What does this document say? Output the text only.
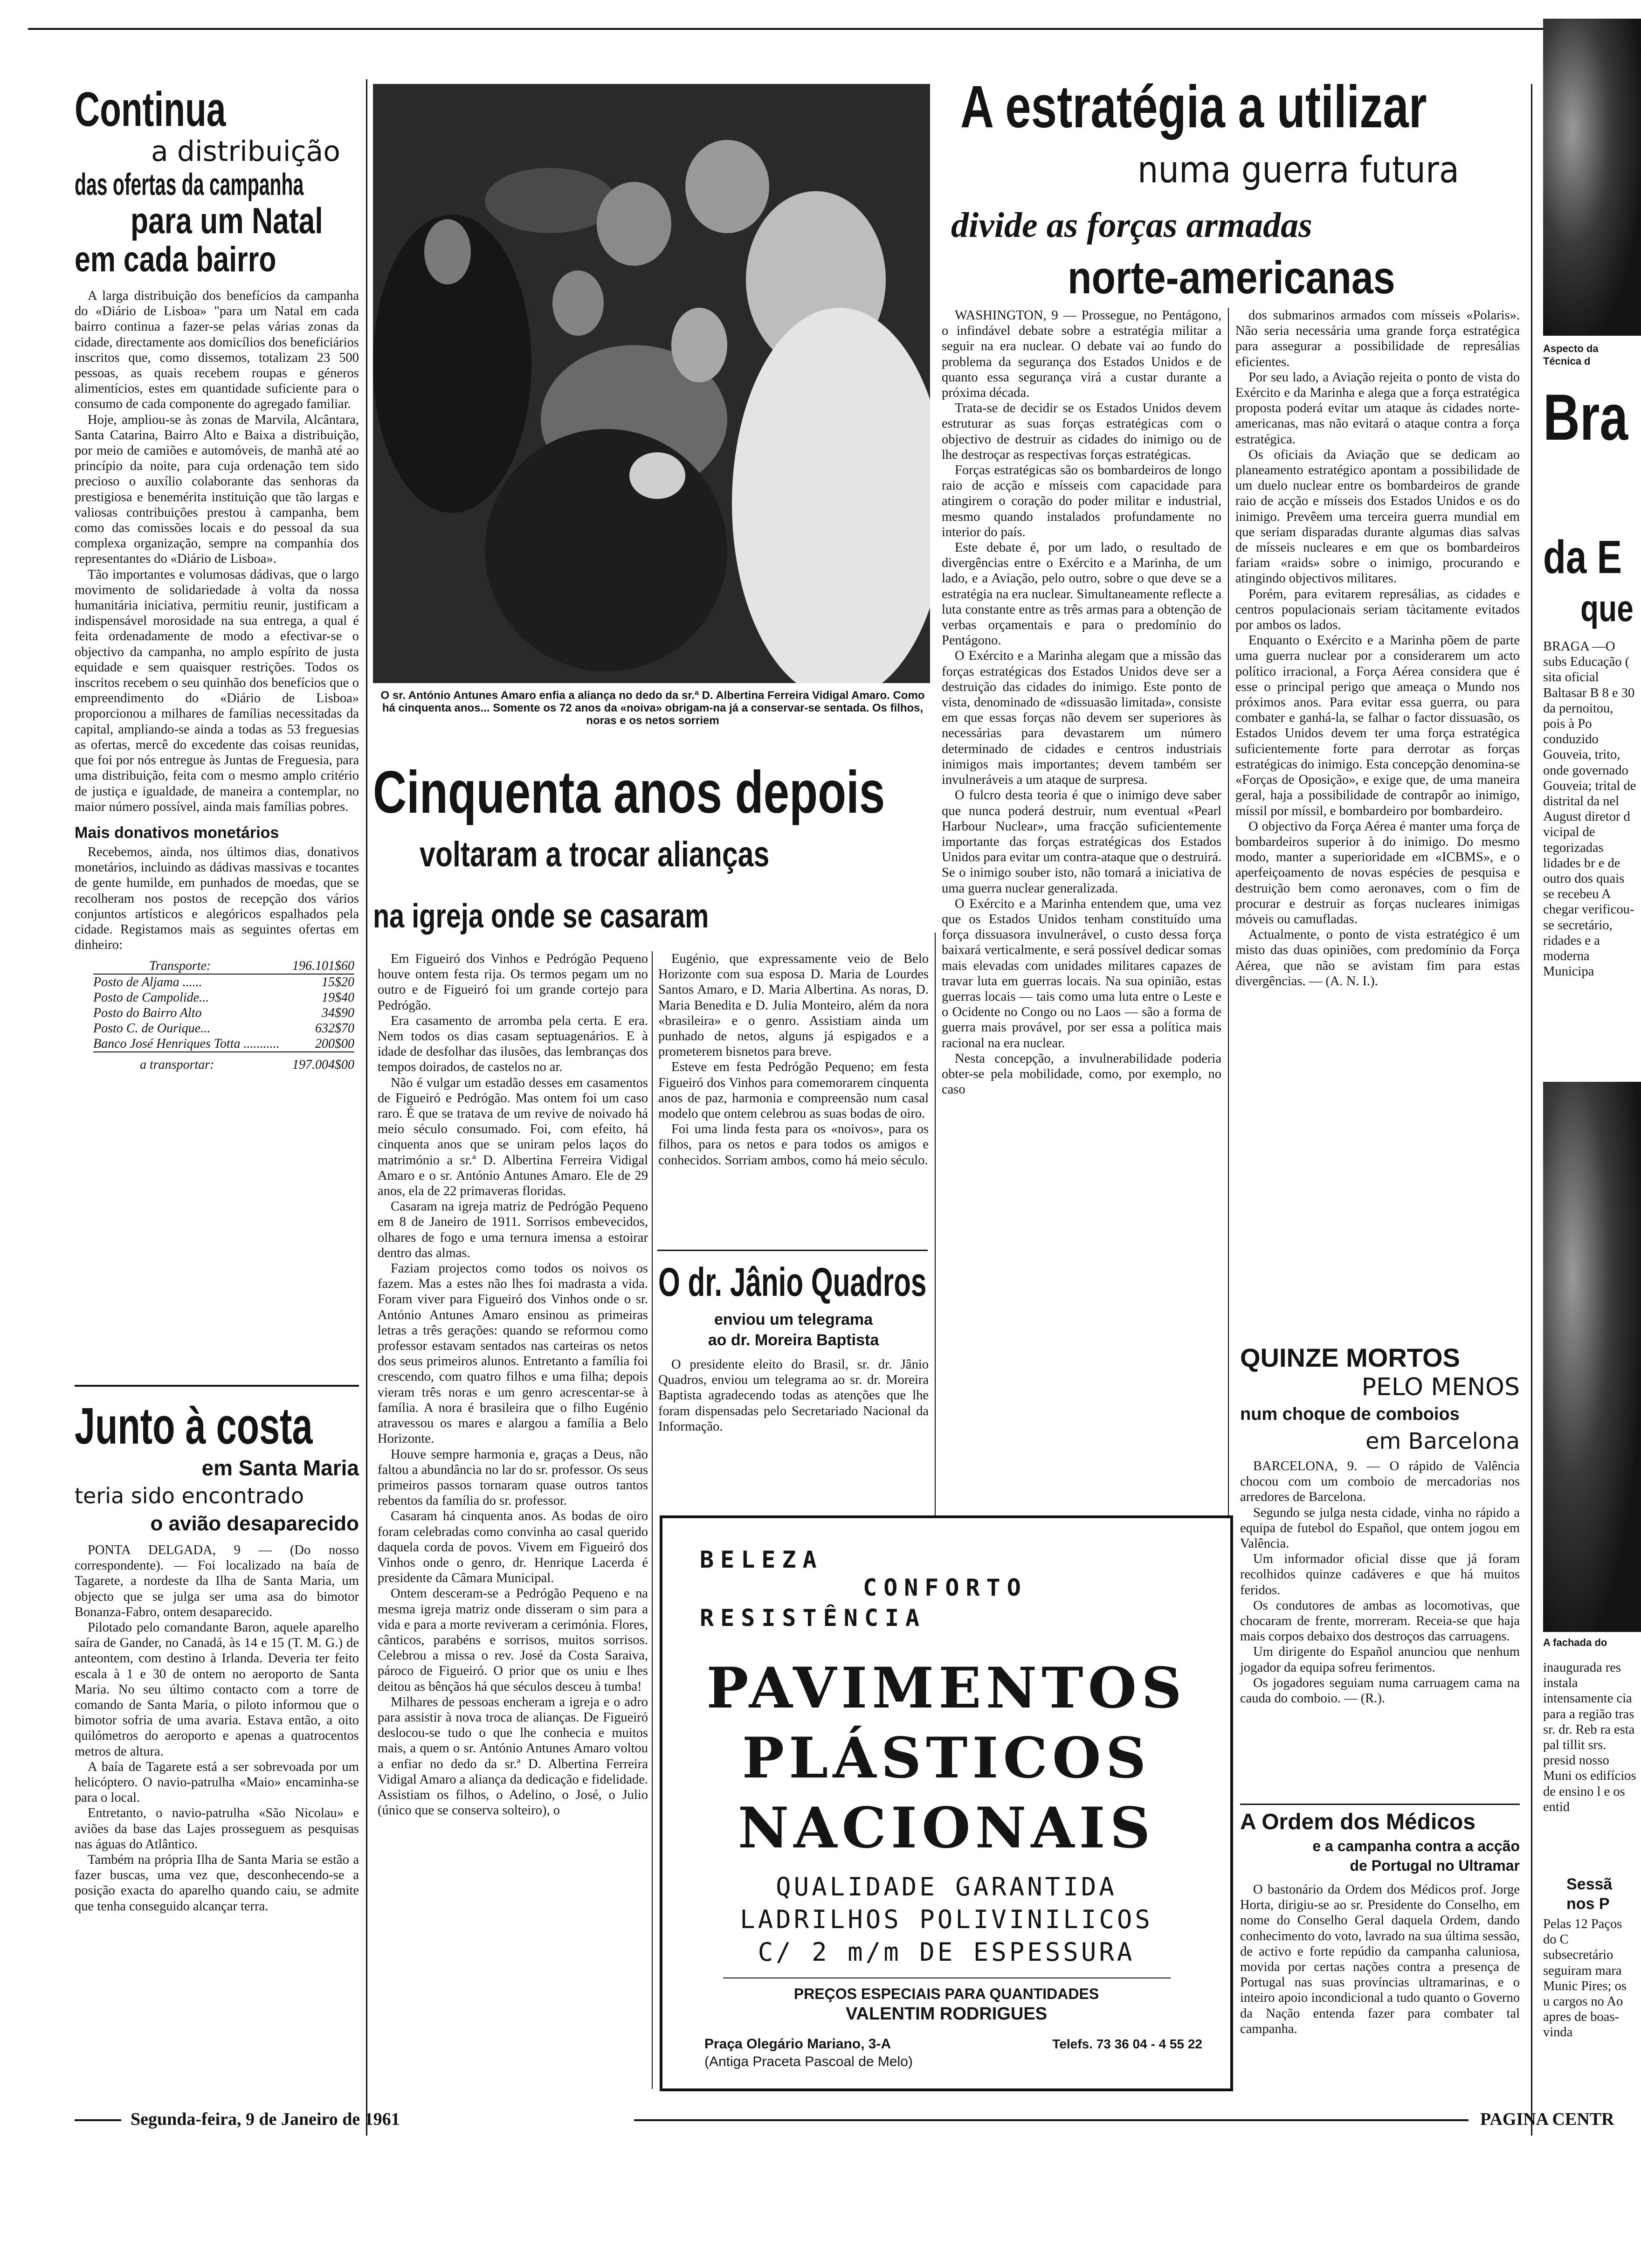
Continua
a distribuição
das ofertas da campanha
para um Natal
em cada bairro

A larga distribuição dos benefícios da campanha do «Diário de Lisboa» "para um Natal em cada bairro continua a fazer-se pelas várias zonas da cidade, directamente aos domicílios dos beneficiários inscritos que, como dissemos, totalizam 23 500 pessoas, as quais recebem roupas e géneros alimentícios, estes em quantidade suficiente para o consumo de cada componente do agregado familiar.

Hoje, ampliou-se às zonas de Marvila, Alcântara, Santa Catarina, Bairro Alto e Baixa a distribuição, por meio de camiões e automóveis, de manhã até ao princípio da noite, para cuja ordenação tem sido precioso o auxílio colaborante das senhoras da prestigiosa e benemérita instituição que tão largas e valiosas contribuições prestou à campanha, bem como das comissões locais e do pessoal da sua complexa organização, sempre na companhia dos representantes do «Diário de Lisboa».

Tão importantes e volumosas dádivas, que o largo movimento de solidariedade à volta da nossa humanitária iniciativa, permitiu reunir, justificam a indispensável morosidade na sua entrega, a qual é feita ordenadamente de modo a efectivar-se o objectivo da campanha, no amplo espírito de justa equidade e sem quaisquer restrições. Todos os inscritos recebem o seu quinhão dos benefícios que o empreendimento do «Diário de Lisboa» proporcionou a milhares de famílias necessitadas da capital, ampliando-se ainda a todas as 53 freguesias as ofertas, mercê do excedente das coisas reunidas, que foi por nós entregue às Juntas de Freguesia, para uma distribuição, feita com o mesmo amplo critério de justiça e igualdade, de maneira a contemplar, no maior número possível, ainda mais famílias pobres.

Mais donativos monetários

Recebemos, ainda, nos últimos dias, donativos monetários, incluindo as dádivas massivas e tocantes de gente humilde, em punhados de moedas, que se recolheram nos postos de recepção dos vários conjuntos artísticos e alegóricos espalhados pela cidade. Registamos mais as seguintes ofertas em dinheiro:

Transporte:	196.101$60
Posto de Aljama ......	15$20
Posto de Campolide...	19$40
Posto do Bairro Alto	34$90
Posto C. de Ourique...	632$70
Banco José Henriques Totta ...........	200$00
a transportar:	197.004$00
Junto à costa
em Santa Maria
teria sido encontrado
o avião desaparecido

PONTA DELGADA, 9 — (Do nosso correspondente). — Foi localizado na baía de Tagarete, a nordeste da Ilha de Santa Maria, um objecto que se julga ser uma asa do bimotor Bonanza-Fabro, ontem desaparecido.

Pilotado pelo comandante Baron, aquele aparelho saíra de Gander, no Canadá, às 14 e 15 (T. M. G.) de anteontem, com destino à Irlanda. Deveria ter feito escala à 1 e 30 de ontem no aeroporto de Santa Maria. No seu último contacto com a torre de comando de Santa Maria, o piloto informou que o bimotor sofria de uma avaria. Estava então, a oito quilómetros do aeroporto e apenas a quatrocentos metros de altura.

A baía de Tagarete está a ser sobrevoada por um helicóptero. O navio-patrulha «Maio» encaminha-se para o local.

Entretanto, o navio-patrulha «São Nicolau» e aviões da base das Lajes prosseguem as pesquisas nas águas do Atlântico.

Também na própria Ilha de Santa Maria se estão a fazer buscas, uma vez que, desconhecendo-se a posição exacta do aparelho quando caiu, se admite que tenha conseguido alcançar terra.

O sr. António Antunes Amaro enfia a aliança no dedo da sr.ª D. Albertina Ferreira Vidigal Amaro. Como há cinquenta anos... Somente os 72 anos da «noiva» obrigam-na já a conservar-se sentada. Os filhos, noras e os netos sorriem
Cinquenta anos depois
voltaram a trocar alianças
na igreja onde se casaram

Em Figueiró dos Vinhos e Pedrógão Pequeno houve ontem festa rija. Os termos pegam um no outro e de Figueiró foi um grande cortejo para Pedrógão.

Era casamento de arromba pela certa. E era. Nem todos os dias casam septuagenários. E à idade de desfolhar das ilusões, das lembranças dos tempos doirados, de castelos no ar.

Não é vulgar um estadão desses em casamentos de Figueiró e Pedrógão. Mas ontem foi um caso raro. É que se tratava de um revive de noivado há meio século consumado. Foi, com efeito, há cinquenta anos que se uniram pelos laços do matrimónio a sr.ª D. Albertina Ferreira Vidigal Amaro e o sr. António Antunes Amaro. Ele de 29 anos, ela de 22 primaveras floridas.

Casaram na igreja matriz de Pedrógão Pequeno em 8 de Janeiro de 1911. Sorrisos embevecidos, olhares de fogo e uma ternura imensa a estoirar dentro das almas.

Faziam projectos como todos os noivos os fazem. Mas a estes não lhes foi madrasta a vida. Foram viver para Figueiró dos Vinhos onde o sr. António Antunes Amaro ensinou as primeiras letras a três gerações: quando se reformou como professor estavam sentados nas carteiras os netos dos seus primeiros alunos. Entretanto a família foi crescendo, com quatro filhos e uma filha; depois vieram três noras e um genro acrescentar-se à família. A nora é brasileira que o filho Eugénio atravessou os mares e alargou a família a Belo Horizonte.

Houve sempre harmonia e, graças a Deus, não faltou a abundância no lar do sr. professor. Os seus primeiros passos tornaram quase outros tantos rebentos da família do sr. professor.

Casaram há cinquenta anos. As bodas de oiro foram celebradas como convinha ao casal querido daquela corda de povos. Vivem em Figueiró dos Vinhos onde o genro, dr. Henrique Lacerda é presidente da Câmara Municipal.

Ontem desceram-se a Pedrógão Pequeno e na mesma igreja matriz onde disseram o sim para a vida e para a morte reviveram a cerimónia. Flores, cânticos, parabéns e sorrisos, muitos sorrisos. Celebrou a missa o rev. José da Costa Saraiva, pároco de Figueiró. O prior que os uniu e lhes deitou as bênçãos há que séculos desceu à tumba!

Milhares de pessoas encheram a igreja e o adro para assistir à nova troca de alianças. De Figueiró deslocou-se tudo o que lhe conhecia e muitos mais, a quem o sr. António Antunes Amaro voltou a enfiar no dedo da sr.ª D. Albertina Ferreira Vidigal Amaro a aliança da dedicação e fidelidade. Assistiam os filhos, o Adelino, o José, o Julio (único que se conserva solteiro), o

Eugénio, que expressamente veio de Belo Horizonte com sua esposa D. Maria de Lourdes Santos Amaro, e D. Maria Albertina. As noras, D. Maria Benedita e D. Julia Monteiro, além da nora «brasileira» e o genro. Assistiam ainda um punhado de netos, alguns já espigados e a prometerem bisnetos para breve.

Esteve em festa Pedrógão Pequeno; em festa Figueiró dos Vinhos para comemorarem cinquenta anos de paz, harmonia e compreensão num casal modelo que ontem celebrou as suas bodas de oiro.

Foi uma linda festa para os «noivos», para os filhos, para os netos e para todos os amigos e conhecidos. Sorriam ambos, como há meio século.

O dr. Jânio Quadros
enviou um telegrama
ao dr. Moreira Baptista

O presidente eleito do Brasil, sr. dr. Jânio Quadros, enviou um telegrama ao sr. dr. Moreira Baptista agradecendo todas as atenções que lhe foram dispensadas pelo Secretariado Nacional da Informação.

A estratégia a utilizar
numa guerra futura
divide as forças armadas
norte-americanas

WASHINGTON, 9 — Prossegue, no Pentágono, o infindável debate sobre a estratégia militar a seguir na era nuclear. O debate vai ao fundo do problema da segurança dos Estados Unidos e de quanto essa segurança virá a custar durante a próxima década.

Trata-se de decidir se os Estados Unidos devem estruturar as suas forças estratégicas com o objectivo de destruir as cidades do inimigo ou de lhe destroçar as respectivas forças estratégicas.

Forças estratégicas são os bombardeiros de longo raio de acção e mísseis com capacidade para atingirem o coração do poder militar e industrial, mesmo quando instalados profundamente no interior do país.

Este debate é, por um lado, o resultado de divergências entre o Exército e a Marinha, de um lado, e a Aviação, pelo outro, sobre o que deve se a estratégia na era nuclear. Simultaneamente reflecte a luta constante entre as três armas para a obtenção de verbas orçamentais e para o predomínio do Pentágono.

O Exército e a Marinha alegam que a missão das forças estratégicas dos Estados Unidos deve ser a destruição das cidades do inimigo. Este ponto de vista, denominado de «dissuasão limitada», consiste em que essas forças não devem ser superiores às necessárias para devastarem um número determinado de cidades e centros industriais inimigos mais importantes; devem também ser invulneráveis a um ataque de surpresa.

O fulcro desta teoria é que o inimigo deve saber que nunca poderá destruir, num eventual «Pearl Harbour Nuclear», uma fracção suficientemente importante das forças estratégicas dos Estados Unidos para evitar um contra-ataque que o destruirá. Se o inimigo souber isto, não tomará a iniciativa de uma guerra nuclear generalizada.

O Exército e a Marinha entendem que, uma vez que os Estados Unidos tenham constituído uma força dissuasora invulnerável, o custo dessa força baixará verticalmente, e será possível dedicar somas mais elevadas com unidades militares capazes de travar luta em guerras locais. Na sua opinião, estas guerras locais — tais como uma luta entre o Leste e o Ocidente no Congo ou no Laos — são a forma de guerra mais provável, por ser essa a política mais racional na era nuclear.

Nesta concepção, a invulnerabilidade poderia obter-se pela mobilidade, como, por exemplo, no caso

dos submarinos armados com mísseis «Polaris». Não seria necessária uma grande força estratégica para assegurar a possibilidade de represálias eficientes.

Por seu lado, a Aviação rejeita o ponto de vista do Exército e da Marinha e alega que a força estratégica proposta poderá evitar um ataque às cidades norte-americanas, mas não evitará o ataque contra a força estratégica.

Os oficiais da Aviação que se dedicam ao planeamento estratégico apontam a possibilidade de um duelo nuclear entre os bombardeiros de grande raio de acção e mísseis dos Estados Unidos e os do inimigo. Prevêem uma terceira guerra mundial em que seriam disparadas durante algumas dias salvas de mísseis nucleares e em que os bombardeiros fariam «raids» sobre o inimigo, procurando e atingindo objectivos militares.

Porém, para evitarem represálias, as cidades e centros populacionais seriam tàcitamente evitados por ambos os lados.

Enquanto o Exército e a Marinha põem de parte uma guerra nuclear por a considerarem um acto político irracional, a Força Aérea considera que é esse o principal perigo que ameaça o Mundo nos próximos anos. Para evitar essa guerra, ou para combater e ganhá-la, se falhar o factor dissuasão, os Estados Unidos devem ter uma força estratégica suficientemente forte para derrotar as forças estratégicas do inimigo. Esta concepção denomina-se «Forças de Oposição», e exige que, de uma maneira geral, haja a possibilidade de contrapôr ao inimigo, míssil por míssil, e bombardeiro por bombardeiro.

O objectivo da Força Aérea é manter uma força de bombardeiros superior à do inimigo. Do mesmo modo, manter a superioridade em «ICBMS», e o aperfeiçoamento de novas espécies de pesquisa e destruição bem como aeronaves, com o fim de procurar e destruir as forças nucleares inimigas móveis ou camufladas.

Actualmente, o ponto de vista estratégico é um misto das duas opiniões, com predomínio da Força Aérea, que não se avistam fim para estas divergências. — (A. N. I.).

QUINZE MORTOS
PELO MENOS
num choque de comboios
em Barcelona

BARCELONA, 9. — O rápido de Valência chocou com um comboio de mercadorias nos arredores de Barcelona.

Segundo se julga nesta cidade, vinha no rápido a equipa de futebol do Español, que ontem jogou em Valência.

Um informador oficial disse que já foram recolhidos quinze cadáveres e que há muitos feridos.

Os condutores de ambas as locomotivas, que chocaram de frente, morreram. Receia-se que haja mais corpos debaixo dos destroços das carruagens.

Um dirigente do Español anunciou que nenhum jogador da equipa sofreu ferimentos.

Os jogadores seguiam numa carruagem cama na cauda do comboio. — (R.).

A Ordem dos Médicos
e a campanha contra a acção
de Portugal no Ultramar

O bastonário da Ordem dos Médicos prof. Jorge Horta, dirigiu-se ao sr. Presidente do Conselho, em nome do Conselho Geral daquela Ordem, dando conhecimento do voto, lavrado na sua última sessão, de activo e forte repúdio da campanha caluniosa, movida por certas nações contra a presença de Portugal nas suas províncias ultramarinas, e o inteiro apoio incondicional a tudo quanto o Governo da Nação entenda fazer para combater tal campanha.

BELEZA
CONFORTO
RESISTÊNCIA
PAVIMENTOS
PLÁSTICOS
NACIONAIS
QUALIDADE GARANTIDA
LADRILHOS POLIVINILICOS
C/ 2 m/m DE ESPESSURA
PREÇOS ESPECIAIS PARA QUANTIDADES
VALENTIM RODRIGUES
Praça Olegário Mariano, 3-A
(Antiga Praceta Pascoal de Melo)
Telefs. 73 36 04 - 4 55 22
Aspecto da
Técnica d
Bra
da E
que
BRAGA —O subs Educação ( sita oficial Baltasar B 8 e 30 da pernoitou, pois à Po conduzido Gouveia, trito, onde governado Gouveia; trital de distrital da nel August diretor d vicipal de tegorizadas lidades br e de outro dos quais se recebeu A chegar verificou-se secretário, ridades e a moderna Municipa
A fachada do
inaugurada res instala intensamente cia para a região tras sr. dr. Reb ra esta pal tillit srs. presid nosso Muni os edifícios de ensino l e os entid
Sessã nos P
Pelas 12 Paços do C subsecretário seguiram mara Munic Pires; os u cargos no Ao apres de boas-vinda
Segunda-feira, 9 de Janeiro de 1961	PAGINA CENTR
